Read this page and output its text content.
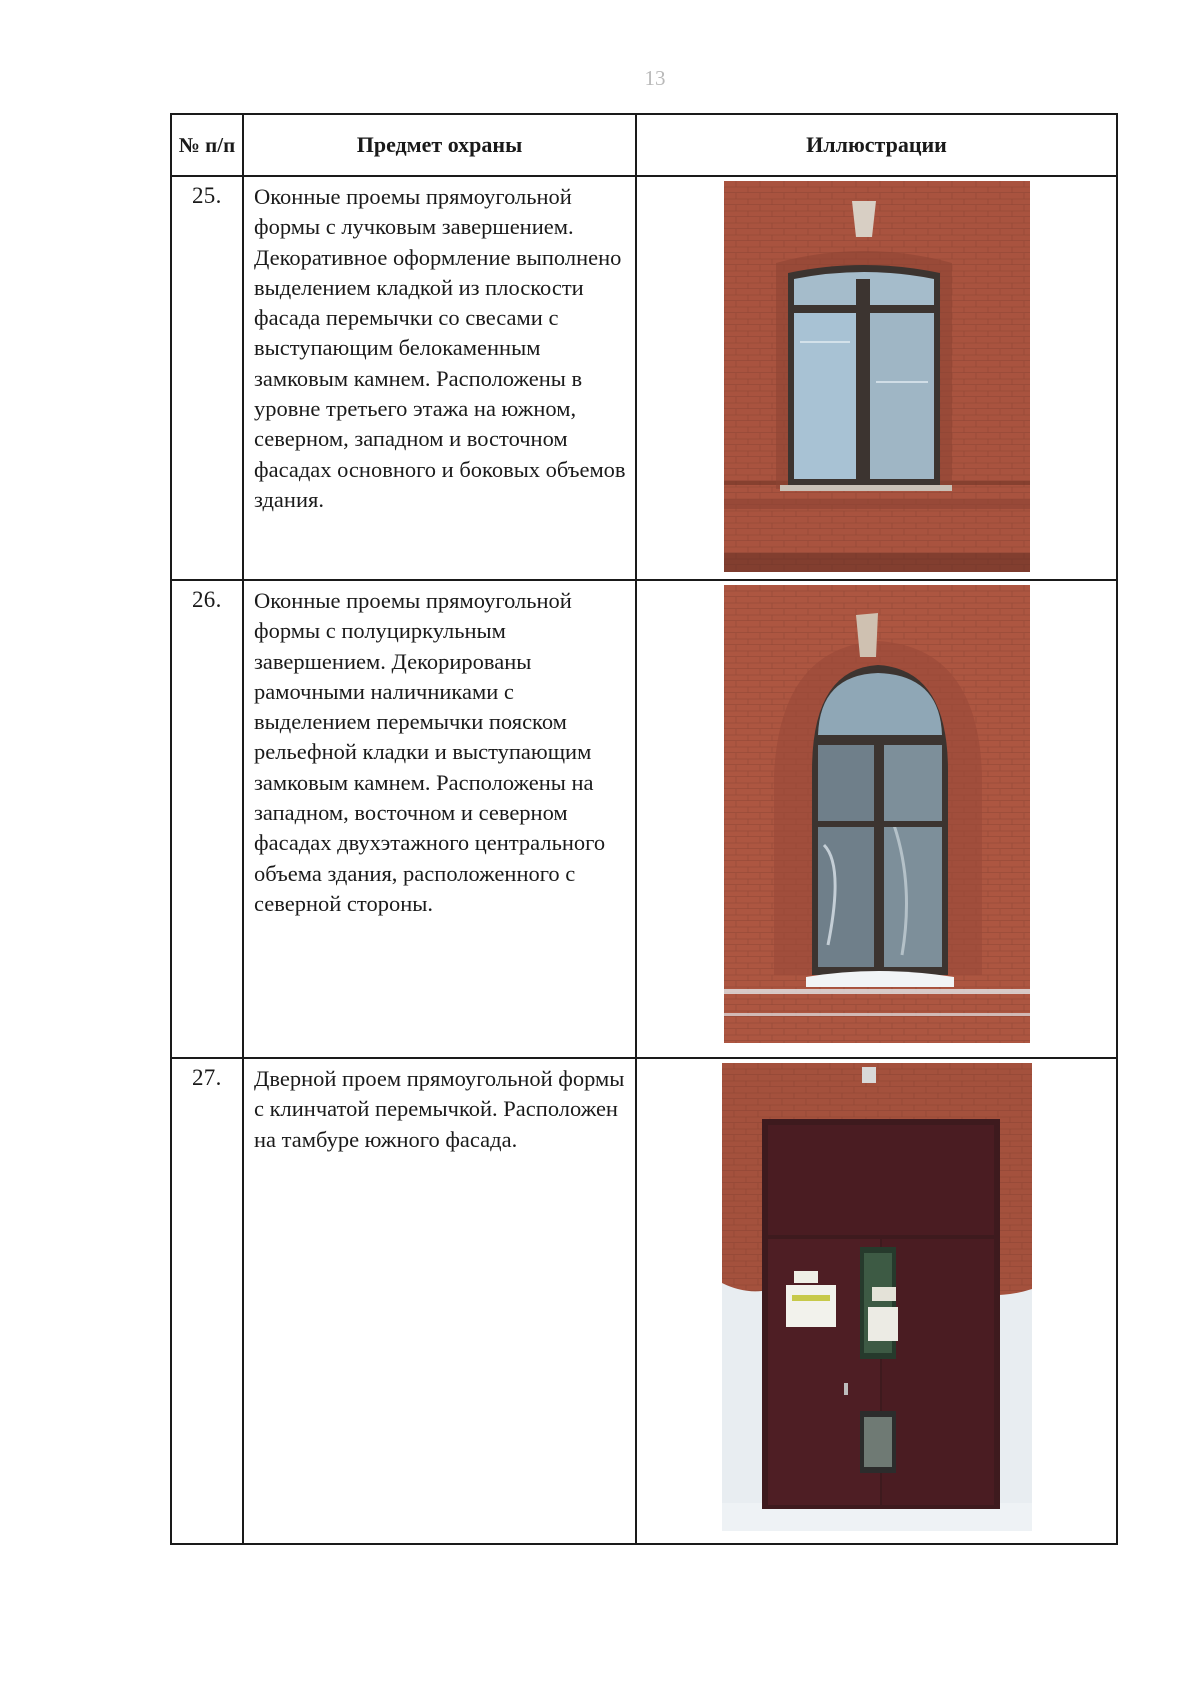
13
№ п/п	Предмет охраны	Иллюстрации
25.	Оконные проемы прямоугольной формы с лучковым завершением. Декоративное оформление выполнено выделением кладкой из плоскости фасада перемычки со свесами с выступающим белокаменным замковым камнем. Расположены в уровне третьего этажа на южном, северном, западном и восточном фасадах основного и боковых объемов здания.	

26.	Оконные проемы прямоугольной формы с полуциркульным завершением. Декорированы рамочными наличниками с выделением перемычки пояском рельефной кладки и выступающим замковым камнем. Расположены на западном, восточном и северном фасадах двухэтажного центрального объема здания, расположенного с северной стороны.	

27.	Дверной проем прямоугольной формы с клинчатой перемычкой. Расположен на тамбуре южного фасада.	
